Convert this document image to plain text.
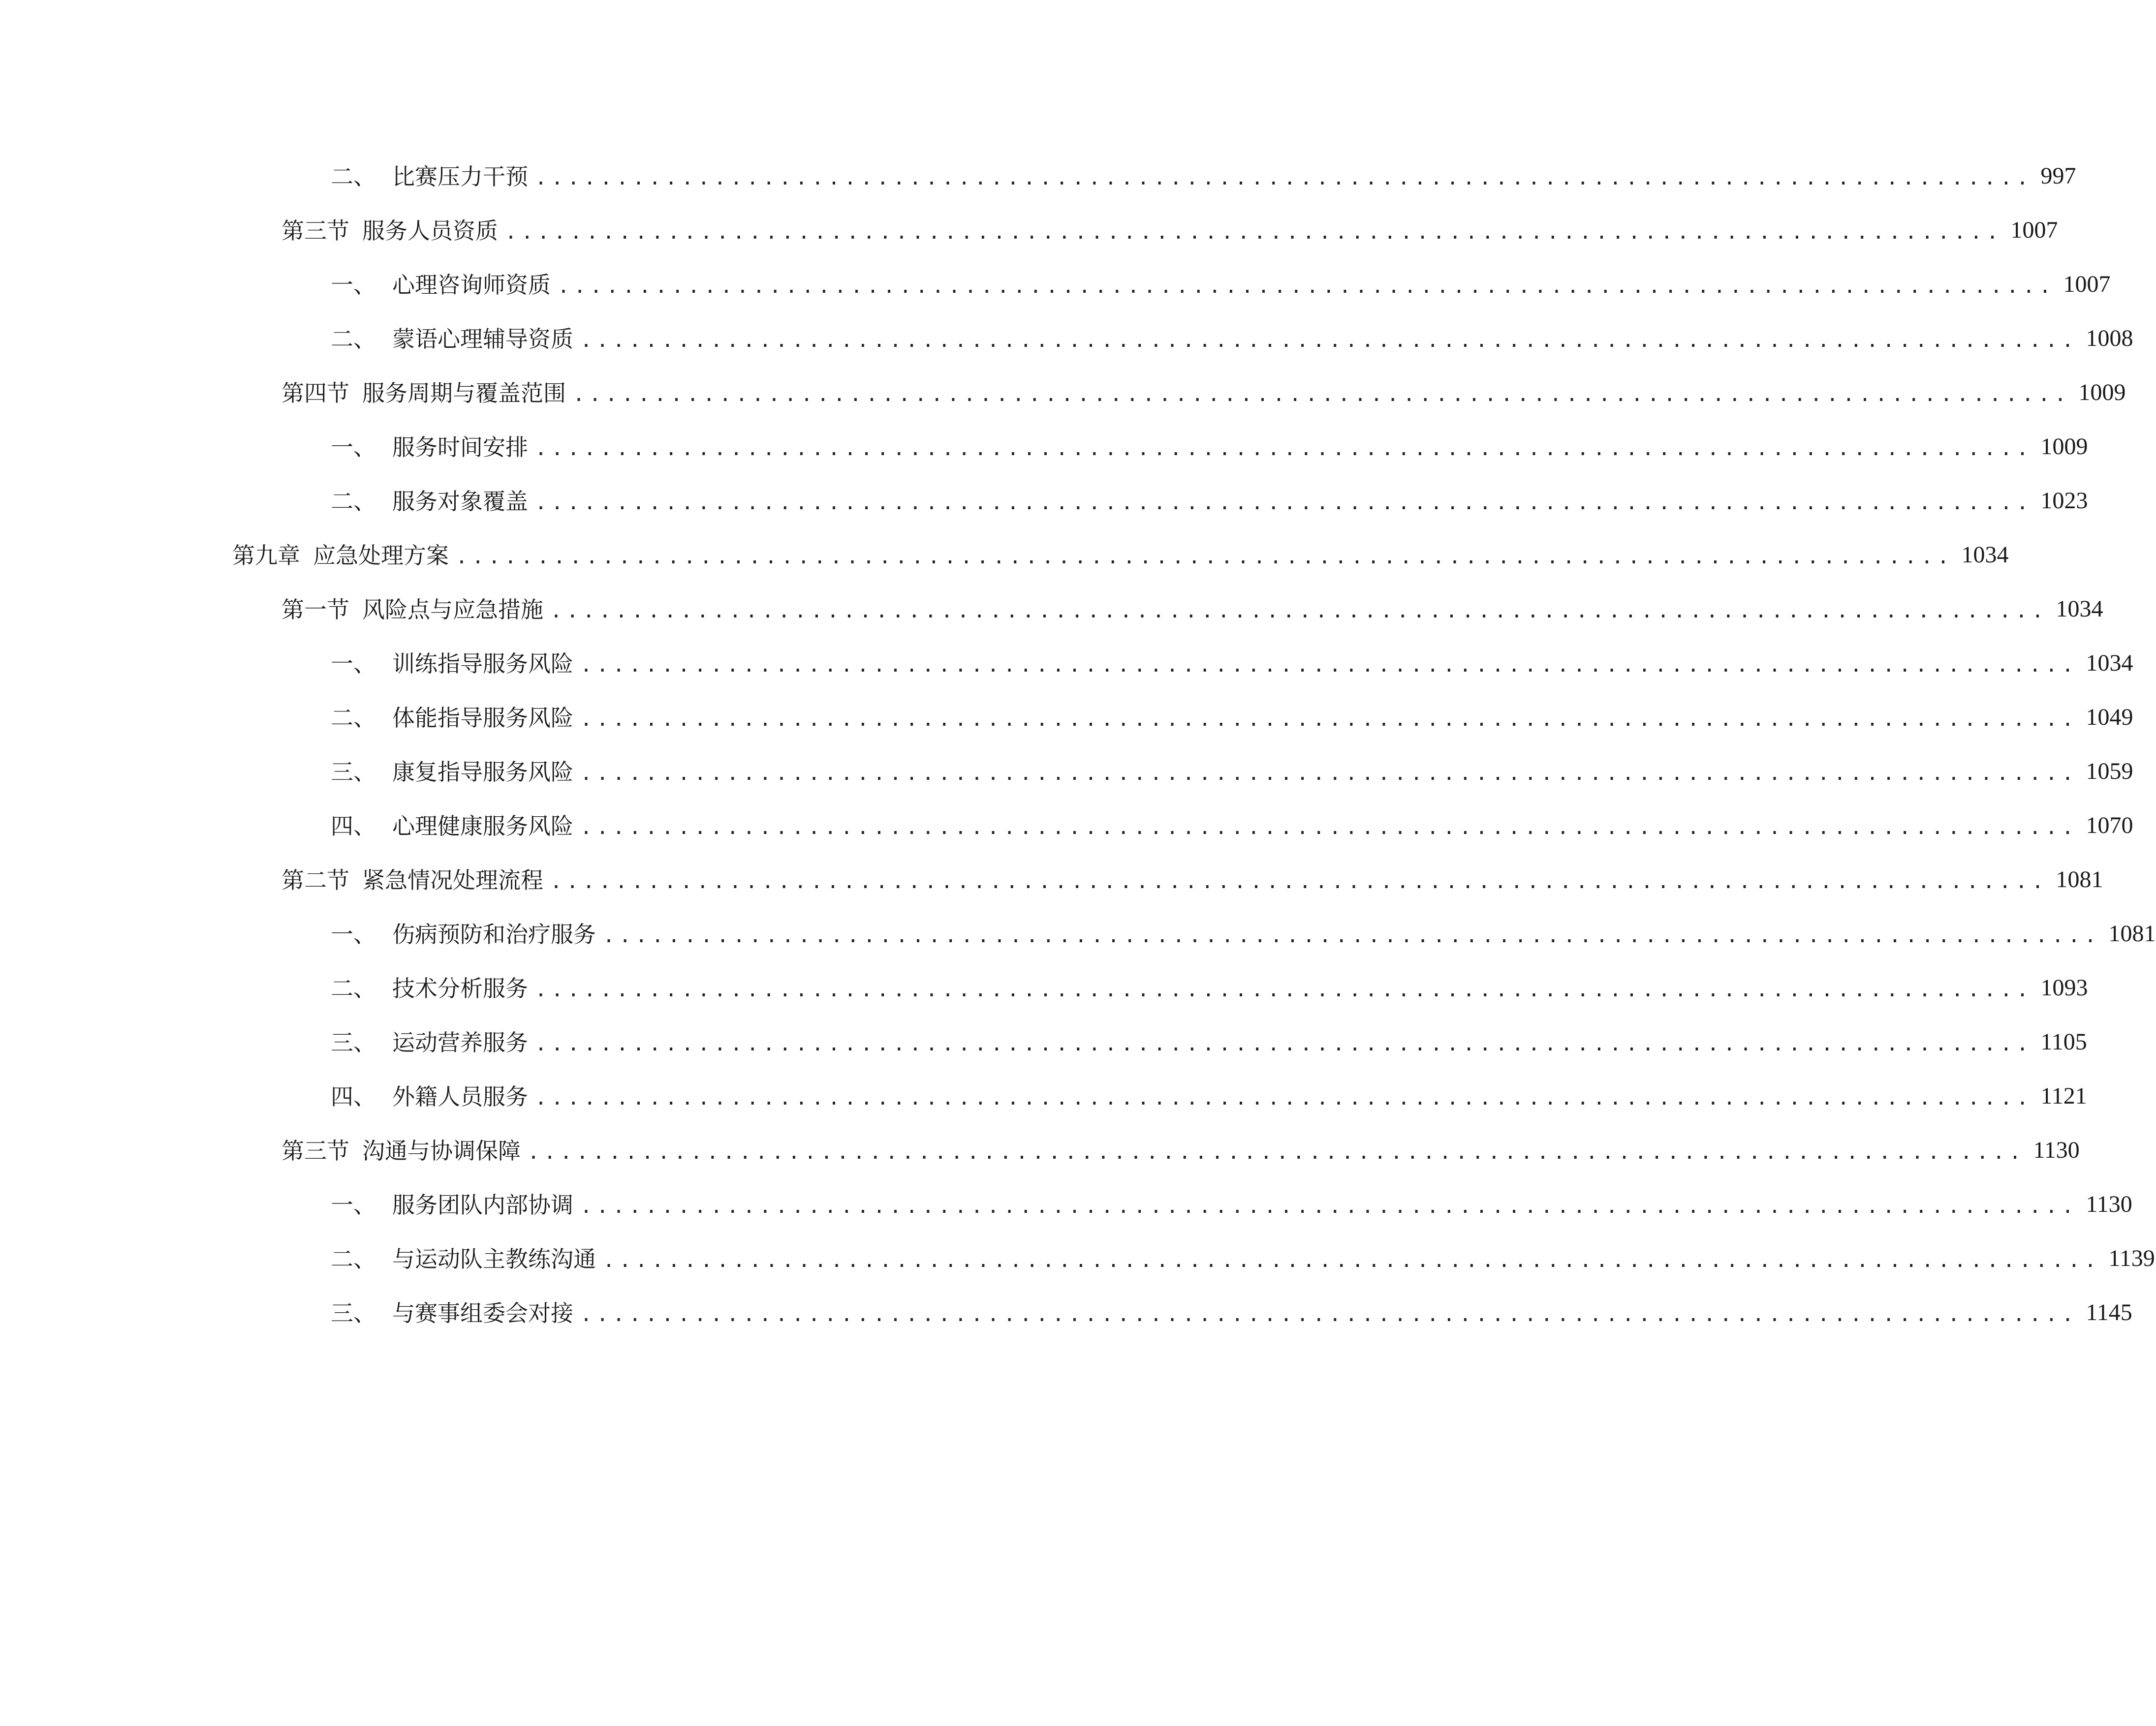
二、 比赛压力干预 ............................................................................................ 997
第三节 服务人员资质 ............................................................................................ 1007
一、 心理咨询师资质 ............................................................................................ 1007
二、 蒙语心理辅导资质 ............................................................................................ 1008
第四节 服务周期与覆盖范围 ............................................................................................ 1009
一、 服务时间安排 ............................................................................................ 1009
二、 服务对象覆盖 ............................................................................................ 1023
第九章 应急处理方案 ............................................................................................ 1034
第一节 风险点与应急措施 ............................................................................................ 1034
一、 训练指导服务风险 ............................................................................................ 1034
二、 体能指导服务风险 ............................................................................................ 1049
三、 康复指导服务风险 ............................................................................................ 1059
四、 心理健康服务风险 ............................................................................................ 1070
第二节 紧急情况处理流程 ............................................................................................ 1081
一、 伤病预防和治疗服务 ............................................................................................ 1081
二、 技术分析服务 ............................................................................................ 1093
三、 运动营养服务 ............................................................................................ 1105
四、 外籍人员服务 ............................................................................................ 1121
第三节 沟通与协调保障 ............................................................................................ 1130
一、 服务团队内部协调 ............................................................................................ 1130
二、 与运动队主教练沟通 ............................................................................................ 1139
三、 与赛事组委会对接 ............................................................................................ 1145
